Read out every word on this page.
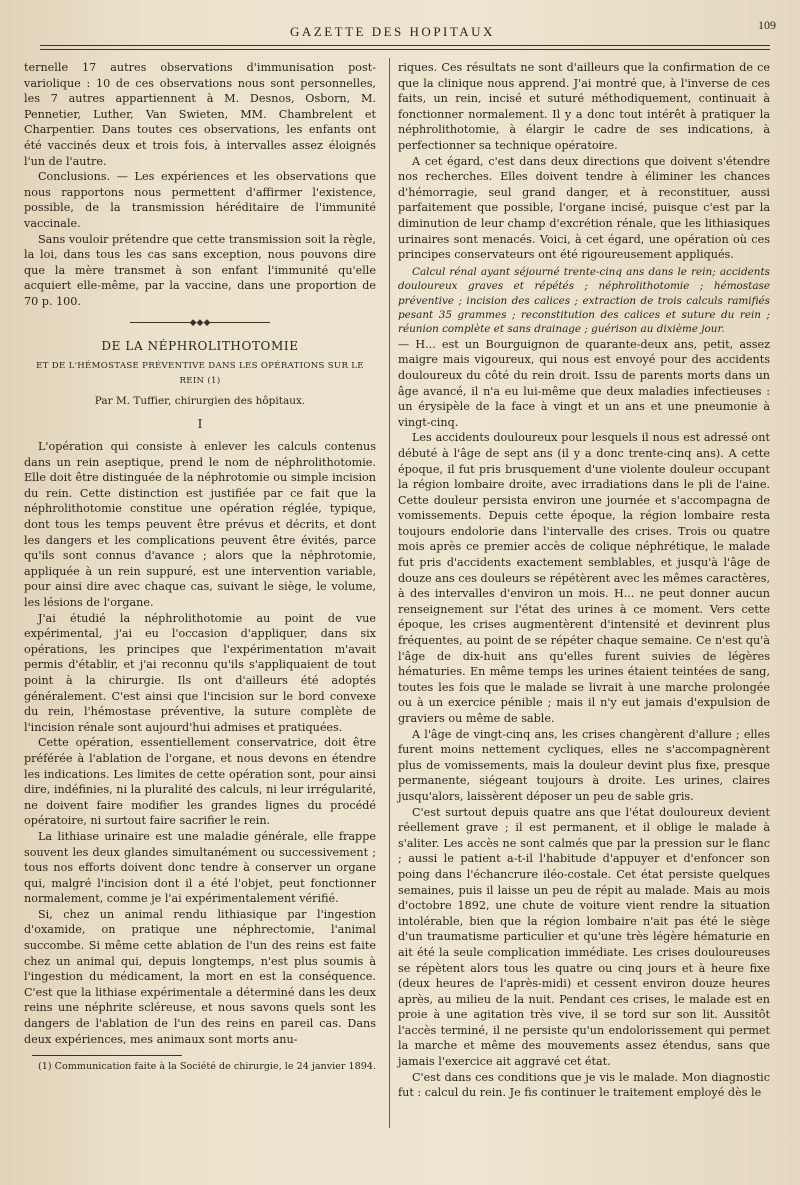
GAZETTE DES HOPITAUX	109

ternelle 17 autres observations d'immunisation post-variolique : 10 de ces observations nous sont personnelles, les 7 autres appartiennent à M. Desnos, Osborn, M. Pennetier, Luther, Van Swieten, MM. Chambrelent et Charpentier. Dans toutes ces observations, les enfants ont été vaccinés deux et trois fois, à intervalles assez éloignés l'un de l'autre.

Conclusions. — Les expériences et les observations que nous rapportons nous permettent d'affirmer l'existence, possible, de la transmission héréditaire de l'immunité vaccinale.

Sans vouloir prétendre que cette transmission soit la règle, la loi, dans tous les cas sans exception, nous pouvons dire que la mère transmet à son enfant l'immunité qu'elle acquiert elle-même, par la vaccine, dans une proportion de 70 p. 100.

◆◆◆
DE LA NÉPHROLITHOTOMIE
ET DE L'HÉMOSTASE PRÉVENTIVE DANS LES OPÉRATIONS SUR LE REIN (1)
Par M. Tuffier, chirurgien des hôpitaux.
I

L'opération qui consiste à enlever les calculs contenus dans un rein aseptique, prend le nom de néphrolithotomie. Elle doit être distinguée de la néphrotomie ou simple incision du rein. Cette distinction est justifiée par ce fait que la néphrolithotomie constitue une opération réglée, typique, dont tous les temps peuvent être prévus et décrits, et dont les dangers et les complications peuvent être évités, parce qu'ils sont connus d'avance ; alors que la néphrotomie, appliquée à un rein suppuré, est une intervention variable, pour ainsi dire avec chaque cas, suivant le siège, le volume, les lésions de l'organe.

J'ai étudié la néphrolithotomie au point de vue expérimental, j'ai eu l'occasion d'appliquer, dans six opérations, les principes que l'expérimentation m'avait permis d'établir, et j'ai reconnu qu'ils s'appliquaient de tout point à la chirurgie. Ils ont d'ailleurs été adoptés généralement. C'est ainsi que l'incision sur le bord convexe du rein, l'hémostase préventive, la suture complète de l'incision rénale sont aujourd'hui admises et pratiquées.

Cette opération, essentiellement conservatrice, doit être préférée à l'ablation de l'organe, et nous devons en étendre les indications. Les limites de cette opération sont, pour ainsi dire, indéfinies, ni la pluralité des calculs, ni leur irrégularité, ne doivent faire modifier les grandes lignes du procédé opératoire, ni surtout faire sacrifier le rein.

La lithiase urinaire est une maladie générale, elle frappe souvent les deux glandes simultanément ou successivement ; tous nos efforts doivent donc tendre à conserver un organe qui, malgré l'incision dont il a été l'objet, peut fonctionner normalement, comme je l'ai expérimentalement vérifié.

Si, chez un animal rendu lithiasique par l'ingestion d'oxamide, on pratique une néphrectomie, l'animal succombe. Si même cette ablation de l'un des reins est faite chez un animal qui, depuis longtemps, n'est plus soumis à l'ingestion du médicament, la mort en est la conséquence. C'est que la lithiase expérimentale a déterminé dans les deux reins une néphrite scléreuse, et nous savons quels sont les dangers de l'ablation de l'un des reins en pareil cas. Dans deux expériences, mes animaux sont morts anu-

(1) Communication faite à la Société de chirurgie, le 24 janvier 1894.

riques. Ces résultats ne sont d'ailleurs que la confirmation de ce que la clinique nous apprend. J'ai montré que, à l'inverse de ces faits, un rein, incisé et suturé méthodiquement, continuait à fonctionner normalement. Il y a donc tout intérêt à pratiquer la néphrolithotomie, à élargir le cadre de ses indications, à perfectionner sa technique opératoire.

A cet égard, c'est dans deux directions que doivent s'étendre nos recherches. Elles doivent tendre à éliminer les chances d'hémorragie, seul grand danger, et à reconstituer, aussi parfaitement que possible, l'organe incisé, puisque c'est par la diminution de leur champ d'excrétion rénale, que les lithiasiques urinaires sont menacés. Voici, à cet égard, une opération où ces principes conservateurs ont été rigoureusement appliqués.

Calcul rénal ayant séjourné trente-cinq ans dans le rein; accidents douloureux graves et répétés ; néphrolithotomie ; hémostase préventive ; incision des calices ; extraction de trois calculs ramifiés pesant 35 grammes ; reconstitution des calices et suture du rein ; réunion complète et sans drainage ; guérison au dixième jour.

— H... est un Bourguignon de quarante-deux ans, petit, assez maigre mais vigoureux, qui nous est envoyé pour des accidents douloureux du côté du rein droit. Issu de parents morts dans un âge avancé, il n'a eu lui-même que deux maladies infectieuses : un érysipèle de la face à vingt et un ans et une pneumonie à vingt-cinq.

Les accidents douloureux pour lesquels il nous est adressé ont débuté à l'âge de sept ans (il y a donc trente-cinq ans). A cette époque, il fut pris brusquement d'une violente douleur occupant la région lombaire droite, avec irradiations dans le pli de l'aine. Cette douleur persista environ une journée et s'accompagna de vomissements. Depuis cette époque, la région lombaire resta toujours endolorie dans l'intervalle des crises. Trois ou quatre mois après ce premier accès de colique néphrétique, le malade fut pris d'accidents exactement semblables, et jusqu'à l'âge de douze ans ces douleurs se répétèrent avec les mêmes caractères, à des intervalles d'environ un mois. H... ne peut donner aucun renseignement sur l'état des urines à ce moment. Vers cette époque, les crises augmentèrent d'intensité et devinrent plus fréquentes, au point de se répéter chaque semaine. Ce n'est qu'à l'âge de dix-huit ans qu'elles furent suivies de légères hématuries. En même temps les urines étaient teintées de sang, toutes les fois que le malade se livrait à une marche prolongée ou à un exercice pénible ; mais il n'y eut jamais d'expulsion de graviers ou même de sable.

A l'âge de vingt-cinq ans, les crises changèrent d'allure ; elles furent moins nettement cycliques, elles ne s'accompagnèrent plus de vomissements, mais la douleur devint plus fixe, presque permanente, siégeant toujours à droite. Les urines, claires jusqu'alors, laissèrent déposer un peu de sable gris.

C'est surtout depuis quatre ans que l'état douloureux devient réellement grave ; il est permanent, et il oblige le malade à s'aliter. Les accès ne sont calmés que par la pression sur le flanc ; aussi le patient a-t-il l'habitude d'appuyer et d'enfoncer son poing dans l'échancrure iléo-costale. Cet état persiste quelques semaines, puis il laisse un peu de répit au malade. Mais au mois d'octobre 1892, une chute de voiture vient rendre la situation intolérable, bien que la région lombaire n'ait pas été le siège d'un traumatisme particulier et qu'une très légère hématurie en ait été la seule complication immédiate. Les crises douloureuses se répètent alors tous les quatre ou cinq jours et à heure fixe (deux heures de l'après-midi) et cessent environ douze heures après, au milieu de la nuit. Pendant ces crises, le malade est en proie à une agitation très vive, il se tord sur son lit. Aussitôt l'accès terminé, il ne persiste qu'un endolorissement qui permet la marche et même des mouvements assez étendus, sans que jamais l'exercice ait aggravé cet état.

C'est dans ces conditions que je vis le malade. Mon diagnostic fut : calcul du rein. Je fis continuer le traitement employé dès le
